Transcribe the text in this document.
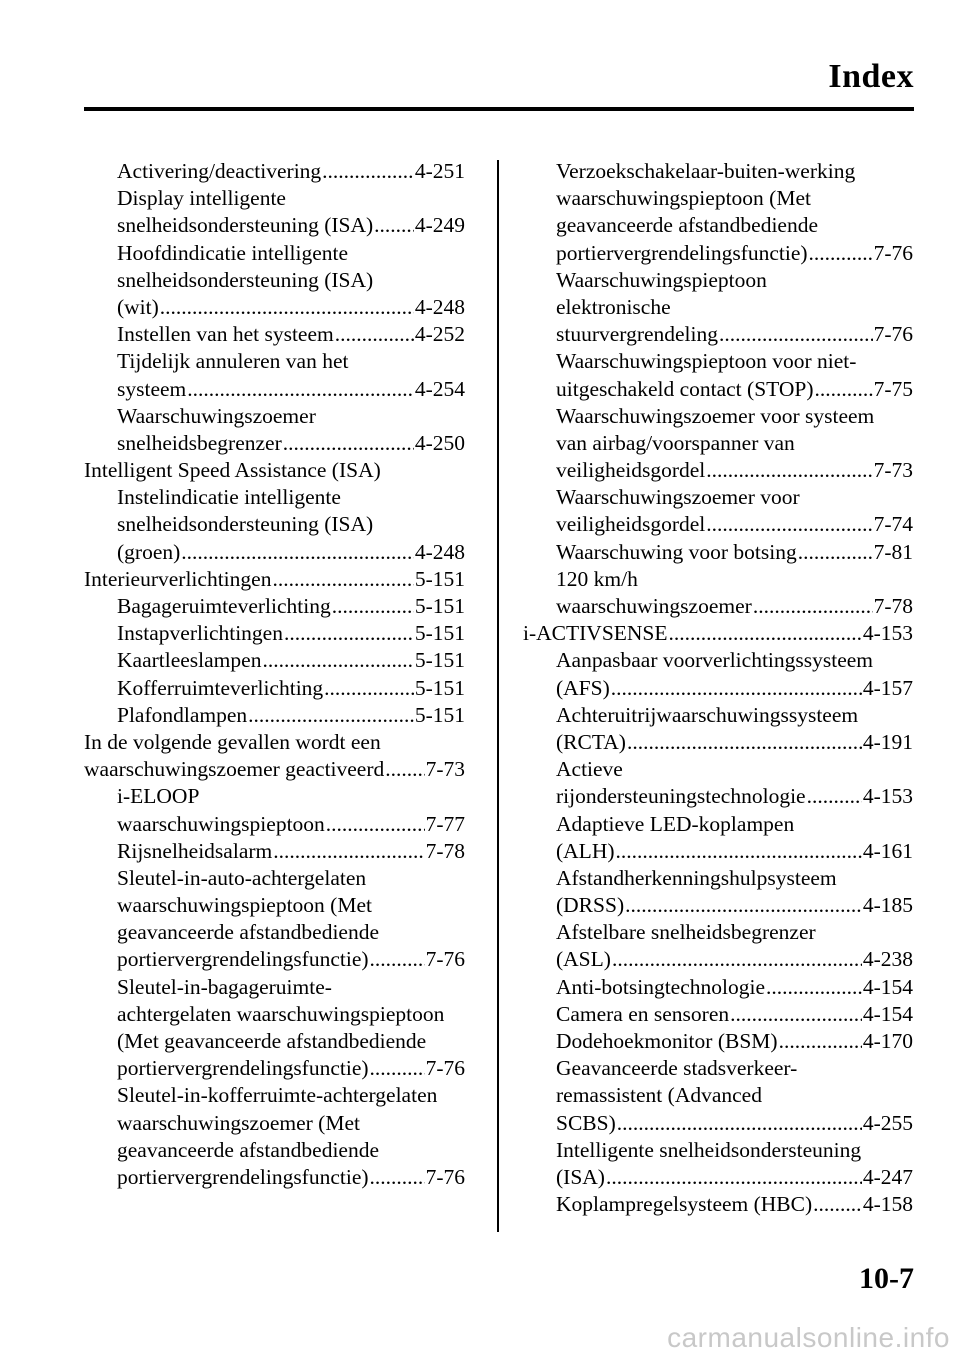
Index
Activering/deactivering .....	4-251
Display intelligente
snelheidsondersteuning (ISA) ..... 4-249
Hoofdindicatie intelligente
snelheidsondersteuning (ISA)
(wit) .....	4-248
Instellen van het systeem .....	4-252
Tijdelijk annuleren van het
systeem .....	4-254
Waarschuwingszoemer
snelheidsbegrenzer .....	4-250
Intelligent Speed Assistance (ISA)
Instelindicatie intelligente
snelheidsondersteuning (ISA)
(groen) .....	4-248
Interieurverlichtingen .....	5-151
Bagageruimteverlichting .....	5-151
Instapverlichtingen .....	5-151
Kaartleeslampen .....	5-151
Kofferruimteverlichting .....	5-151
Plafondlampen .....	5-151
In de volgende gevallen wordt een
waarschuwingszoemer geactiveerd ..... 7-73
i-ELOOP
waarschuwingspieptoon .....	7-77
Rijsnelheidsalarm .....	7-78
Sleutel-in-auto-achtergelaten
waarschuwingspieptoon (Met
geavanceerde afstandbediende
portiervergrendelingsfunctie) .....	7-76
Sleutel-in-bagageruimte-
achtergelaten waarschuwingspieptoon
(Met geavanceerde afstandbediende
portiervergrendelingsfunctie) .....	7-76
Sleutel-in-kofferruimte-achtergelaten
waarschuwingszoemer (Met
geavanceerde afstandbediende
portiervergrendelingsfunctie) .....	7-76
Verzoekschakelaar-buiten-werking
waarschuwingspieptoon (Met
geavanceerde afstandbediende
portiervergrendelingsfunctie) .....	7-76
Waarschuwingspieptoon
elektronische
stuurvergrendeling .....	7-76
Waarschuwingspieptoon voor niet-
uitgeschakeld contact (STOP) .....	7-75
Waarschuwingszoemer voor systeem
van airbag/voorspanner van
veiligheidsgordel .....	7-73
Waarschuwingszoemer voor
veiligheidsgordel .....	7-74
Waarschuwing voor botsing .....	7-81
120 km/h
waarschuwingszoemer .....	7-78
i-ACTIVSENSE .....	4-153
Aanpasbaar voorverlichtingssysteem
(AFS) .....	4-157
Achteruitrijwaarschuwingssysteem
(RCTA) .....	4-191
Actieve
rijondersteuningstechnologie .....	4-153
Adaptieve LED-koplampen
(ALH) .....	4-161
Afstandherkenningshulpsysteem
(DRSS) .....	4-185
Afstelbare snelheidsbegrenzer
(ASL) .....	4-238
Anti-botsingtechnologie .....	4-154
Camera en sensoren .....	4-154
Dodehoekmonitor (BSM) .....	4-170
Geavanceerde stadsverkeer-
remassistent (Advanced
SCBS) .....	4-255
Intelligente snelheidsondersteuning
(ISA) .....	4-247
Koplampregelsysteem (HBC) ..... 4-158
10-7
carmanualsonline.info
